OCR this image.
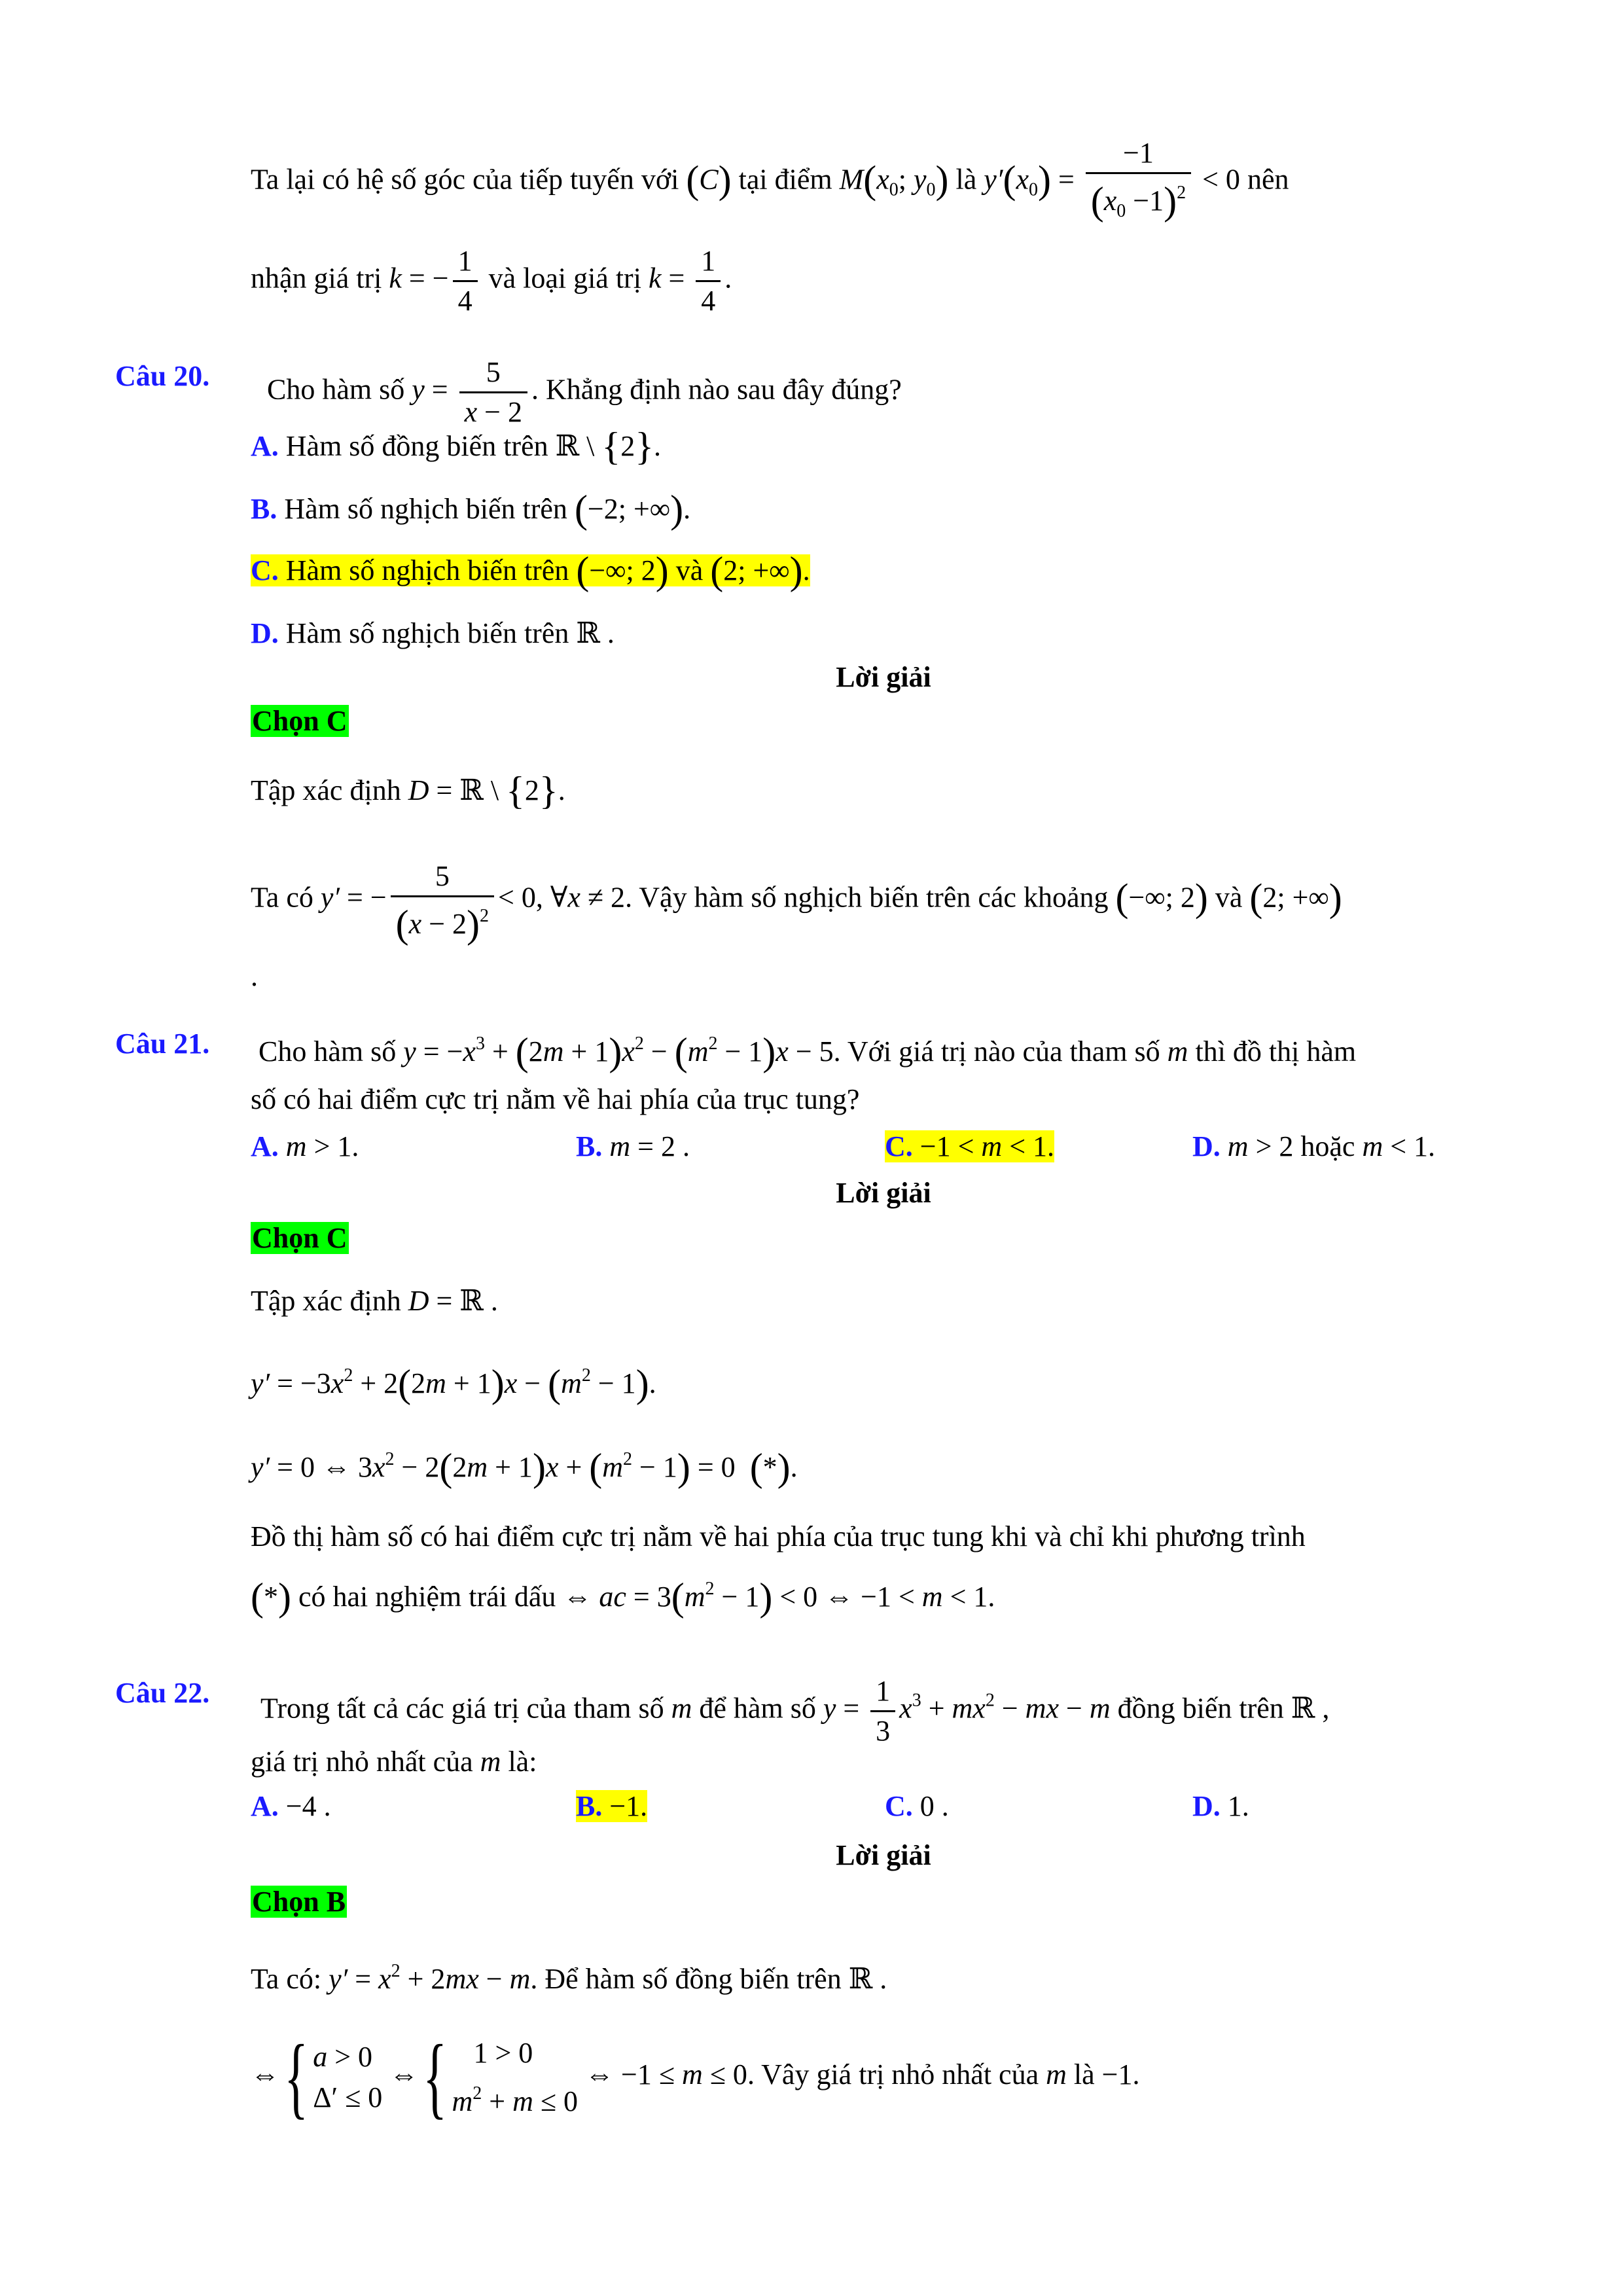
Ta lại có hệ số góc của tiếp tuyến với (C) tại điểm $M(x_0$; $y_0$) là $y'(x_0) = \frac{-1}{(x_0 -1)^2} < 0$ nên
nhận giá trị k = − $\frac{1}{4}$ và loại giá trị $k = \frac{1}{4}$ .
Câu 20. Cho hàm số $y = \frac{5}{x - 2}$ . Khẳng định nào sau đây đúng?
A. Hàm số đồng biến trên ℝ \ {2}.
B. Hàm số nghịch biến trên (−2; +∞).
C. Hàm số nghịch biến trên (−∞; 2) và (2; +∞).
D. Hàm số nghịch biến trên ℝ .
Lời giải
Chọn C
Tập xác định D = ℝ \ {2}.
Ta có y′ = − $\frac{5}{(x - 2)^2} < 0$, ∀x ≠ 2. Vậy hàm số nghịch biến trên các khoảng (−∞; 2) và (2; +∞)
.
Câu 21. Cho hàm số $y = -x^3 + (2m + 1)x^2 - (m^2 - 1)x - 5$. Với giá trị nào của tham số m thì đồ thị hàm
số có hai điểm cực trị nằm về hai phía của trục tung?
A. m > 1.	B. m = 2 .	C. −1 < m < 1.	D. m > 2 hoặc m < 1.
Lời giải
Chọn C
Tập xác định D = ℝ .
$y' = -3x^2 + 2(2m + 1)x - (m^2 - 1)$.
y′ = 0 ⇔ $3x^2 - 2(2m + 1)x + (m^2 - 1) = 0$  (*).
Đồ thị hàm số có hai điểm cực trị nằm về hai phía của trục tung khi và chỉ khi phương trình
(*) có hai nghiệm trái dấu ⇔ ac = $3(m^2 - 1) < 0$ ⇔ −1 < m < 1.
Câu 22. Trong tất cả các giá trị của tham số m để hàm số $y = \frac{1}{3} x^3 + mx^2$ − mx − m đồng biến trên ℝ ,
giá trị nhỏ nhất của m là:
A. −4 .	B. −1.	C. 0 .	D. 1.
Lời giải
Chọn B
Ta có: $y' = x^2 + 2mx - m$. Để hàm số đồng biến trên ℝ .
⇔{ a > 0
Δ′ ≤ 0
⇔{ 1 > 0
$m^2 + m \le 0$
⇔ −1 ≤ m ≤ 0. Vây giá trị nhỏ nhất của m là −1.
